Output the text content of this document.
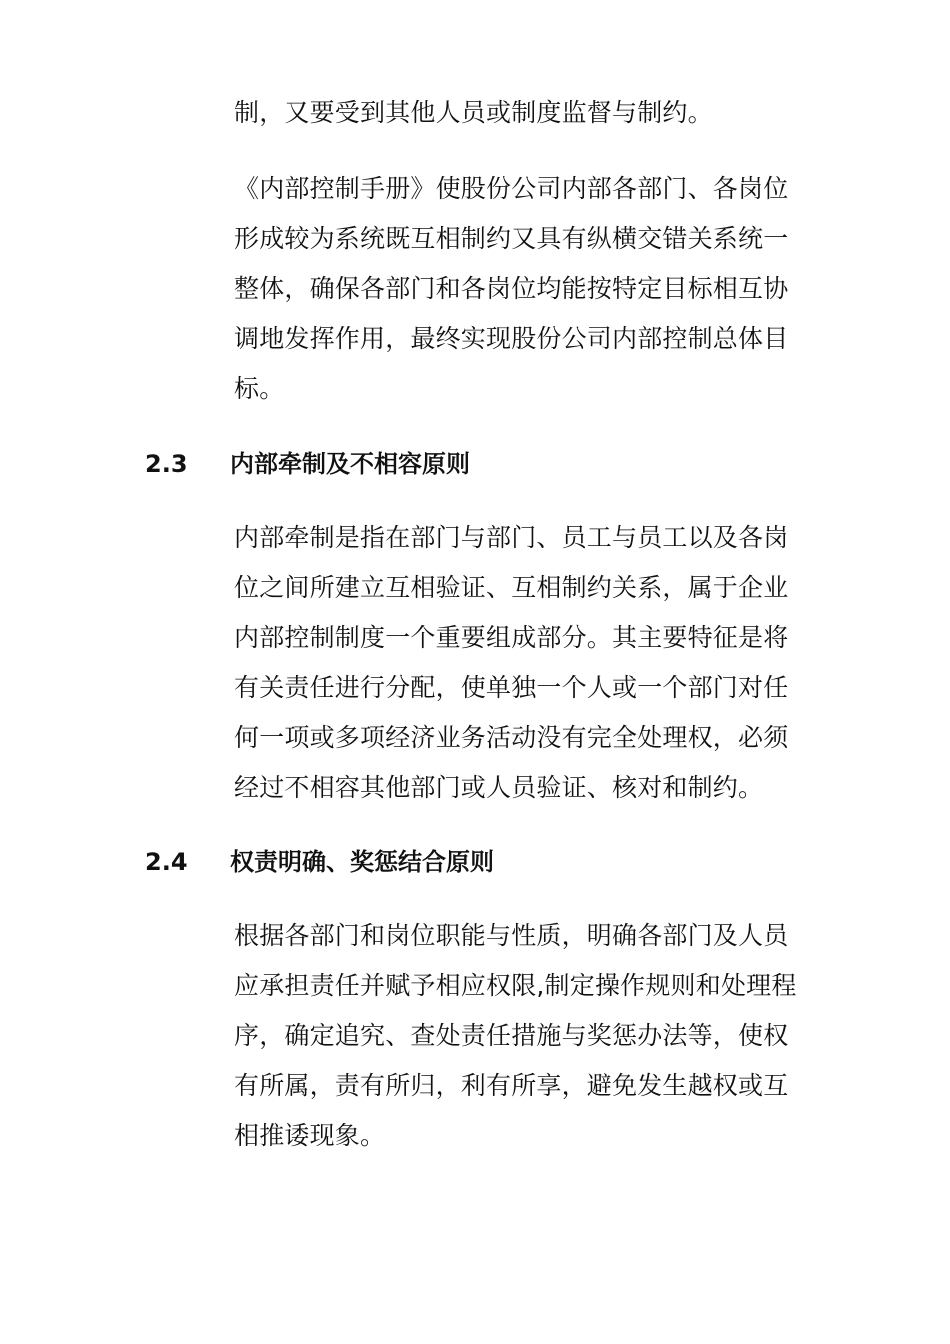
制，又要受到其他人员或制度监督与制约。
《内部控制手册》使股份公司内部各部门、各岗位
形成较为系统既互相制约又具有纵横交错关系统一
整体，确保各部门和各岗位均能按特定目标相互协
调地发挥作用，最终实现股份公司内部控制总体目
标。
2.3 内部牵制及不相容原则
内部牵制是指在部门与部门、员工与员工以及各岗
位之间所建立互相验证、互相制约关系，属于企业
内部控制制度一个重要组成部分。其主要特征是将
有关责任进行分配，使单独一个人或一个部门对任
何一项或多项经济业务活动没有完全处理权，必须
经过不相容其他部门或人员验证、核对和制约。
2.4 权责明确、奖惩结合原则
根据各部门和岗位职能与性质，明确各部门及人员
应承担责任并赋予相应权限,制定操作规则和处理程
序，确定追究、查处责任措施与奖惩办法等，使权
有所属，责有所归，利有所享，避免发生越权或互
相推诿现象。
